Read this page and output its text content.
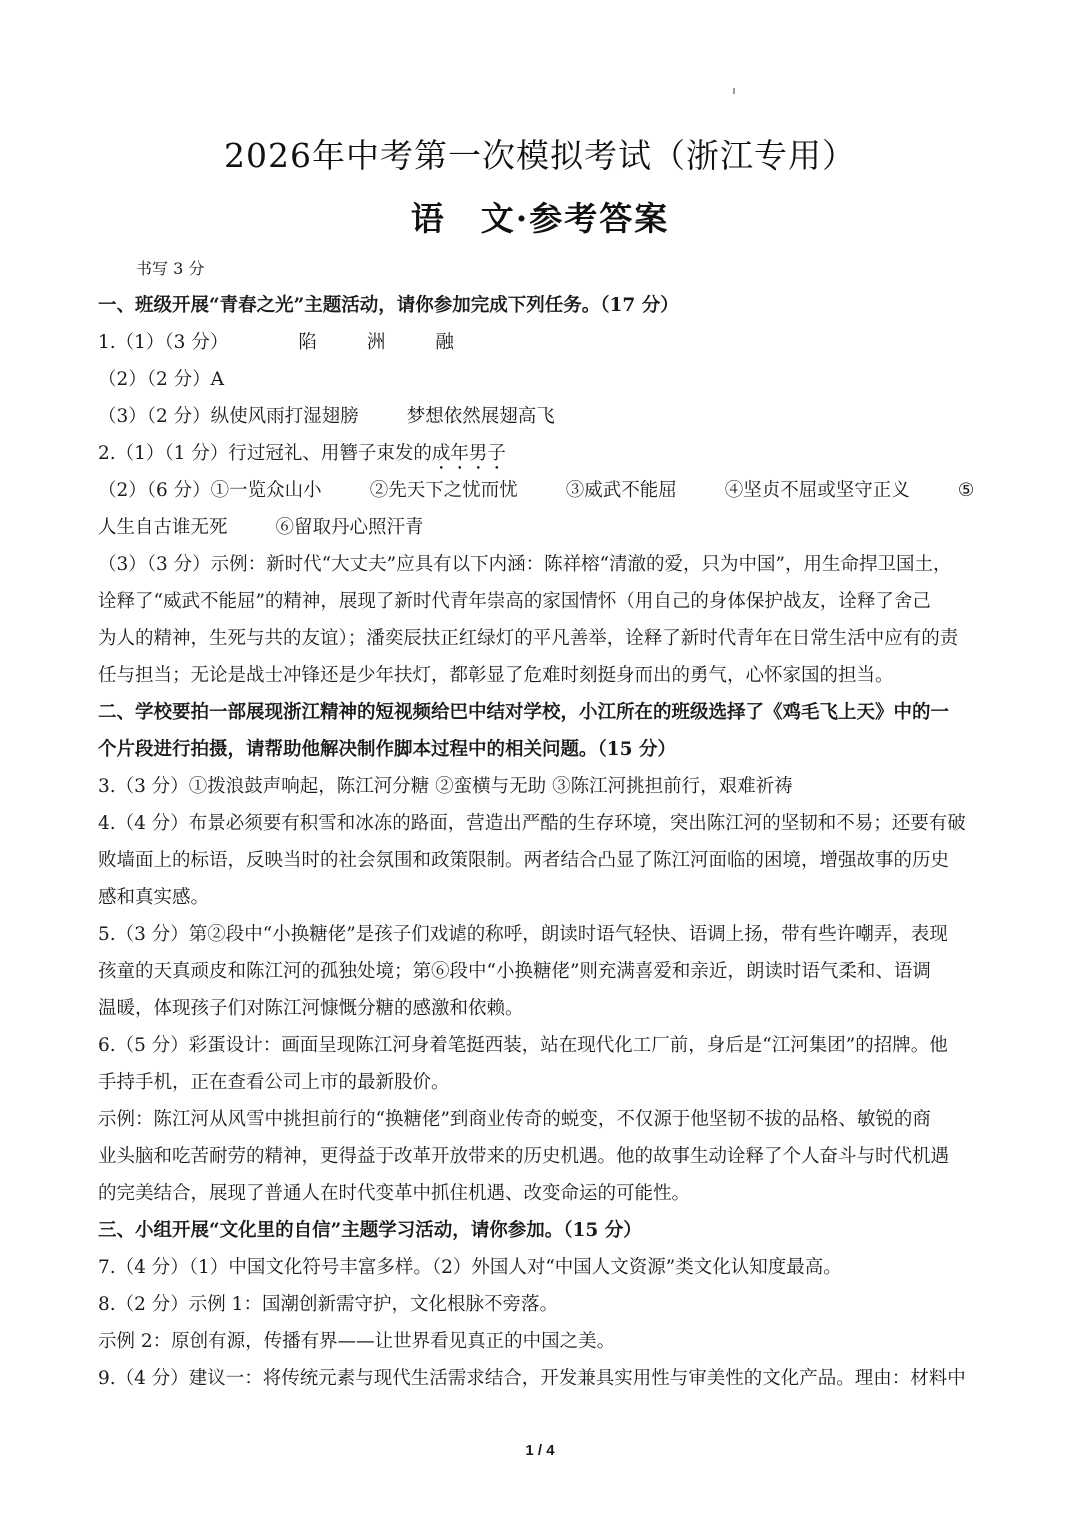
2026年中考第一次模拟考试（浙江专用）
语　文·参考答案
书写 3 分
一、班级开展“青春之光”主题活动，请你参加完成下列任务。（17 分）
1.（1）（3 分）	陷	洲	融
（2）（2 分）A
（3）（2 分）纵使风雨打湿翅膀	梦想依然展翅高飞
2.（1）（1 分）行过冠礼、用簪子束发的成年男子
（2）（6 分）①一览众山小	②先天下之忧而忧	③威武不能屈	④坚贞不屈或坚守正义	⑤
人生自古谁无死	⑥留取丹心照汗青
（3）（3 分）示例：新时代“大丈夫”应具有以下内涵：陈祥榕“清澈的爱，只为中国”，用生命捍卫国土，
诠释了“威武不能屈”的精神，展现了新时代青年崇高的家国情怀（用自己的身体保护战友，诠释了舍己
为人的精神，生死与共的友谊）；潘奕辰扶正红绿灯的平凡善举，诠释了新时代青年在日常生活中应有的责
任与担当；无论是战士冲锋还是少年扶灯，都彰显了危难时刻挺身而出的勇气，心怀家国的担当。
二、学校要拍一部展现浙江精神的短视频给巴中结对学校，小江所在的班级选择了《鸡毛飞上天》中的一
个片段进行拍摄，请帮助他解决制作脚本过程中的相关问题。（15 分）
3.（3 分）①拨浪鼓声响起，陈江河分糖 ②蛮横与无助 ③陈江河挑担前行，艰难祈祷
4.（4 分）布景必须要有积雪和冰冻的路面，营造出严酷的生存环境，突出陈江河的坚韧和不易；还要有破
败墙面上的标语，反映当时的社会氛围和政策限制。两者结合凸显了陈江河面临的困境，增强故事的历史
感和真实感。
5.（3 分）第②段中“小换糖佬”是孩子们戏谑的称呼，朗读时语气轻快、语调上扬，带有些许嘲弄，表现
孩童的天真顽皮和陈江河的孤独处境；第⑥段中“小换糖佬”则充满喜爱和亲近，朗读时语气柔和、语调
温暖，体现孩子们对陈江河慷慨分糖的感激和依赖。
6.（5 分）彩蛋设计：画面呈现陈江河身着笔挺西装，站在现代化工厂前，身后是“江河集团”的招牌。他
手持手机，正在查看公司上市的最新股价。
示例：陈江河从风雪中挑担前行的“换糖佬”到商业传奇的蜕变，不仅源于他坚韧不拔的品格、敏锐的商
业头脑和吃苦耐劳的精神，更得益于改革开放带来的历史机遇。他的故事生动诠释了个人奋斗与时代机遇
的完美结合，展现了普通人在时代变革中抓住机遇、改变命运的可能性。
三、小组开展“文化里的自信”主题学习活动，请你参加。（15 分）
7.（4 分）（1）中国文化符号丰富多样。（2）外国人对“中国人文资源”类文化认知度最高。
8.（2 分）示例 1：国潮创新需守护，文化根脉不旁落。
示例 2：原创有源，传播有界——让世界看见真正的中国之美。
9.（4 分）建议一：将传统元素与现代生活需求结合，开发兼具实用性与审美性的文化产品。理由：材料中
1 / 4
